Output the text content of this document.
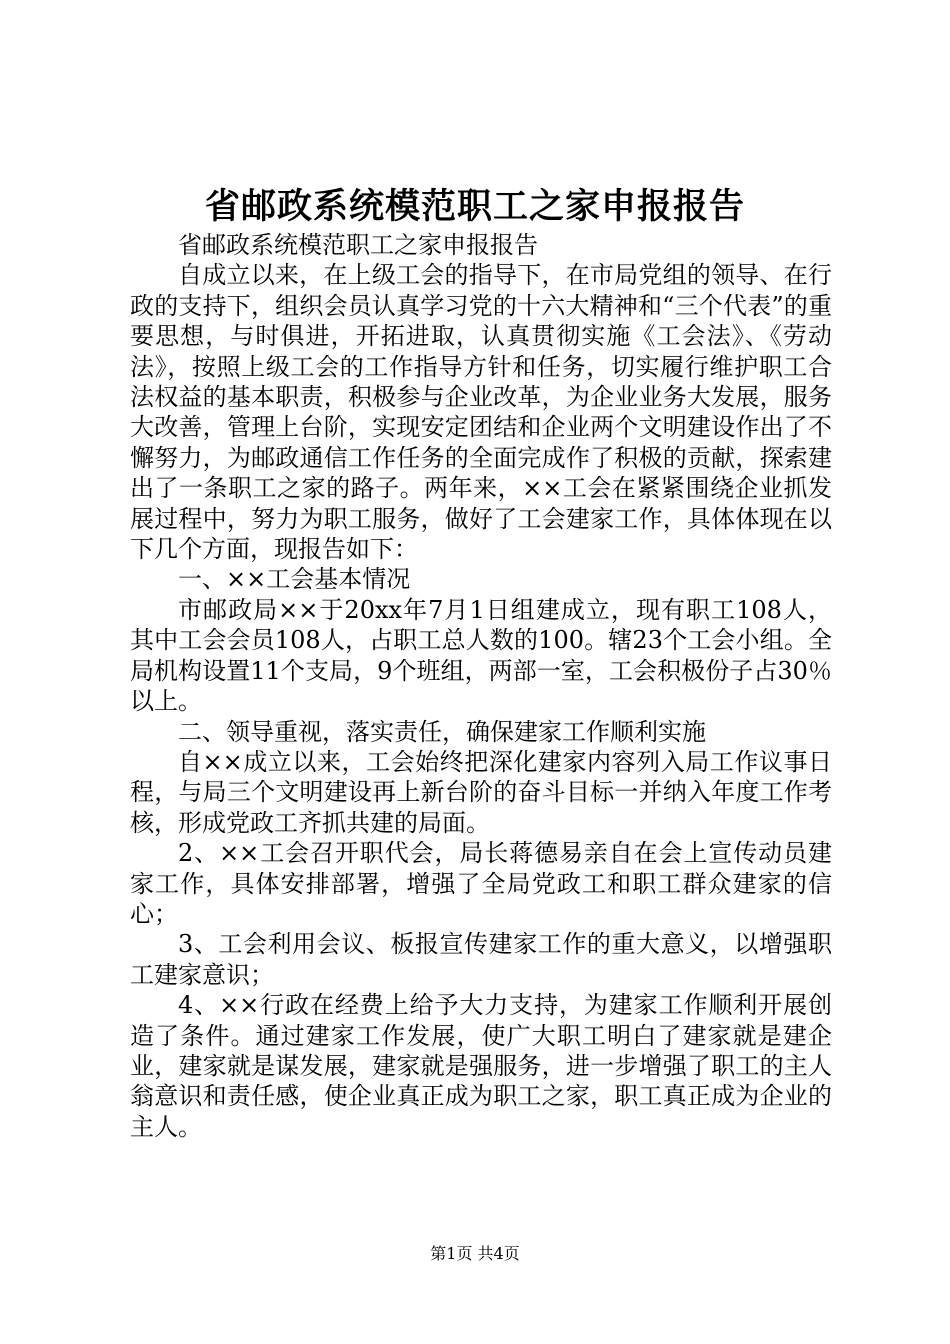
省邮政系统模范职工之家申报报告

省邮政系统模范职工之家申报报告

自成立以来，在上级工会的指导下，在市局党组的领导、在行政的支持下，组织会员认真学习党的十六大精神和“三个代表”的重要思想，与时俱进，开拓进取，认真贯彻实施《工会法》、《劳动法》，按照上级工会的工作指导方针和任务，切实履行维护职工合法权益的基本职责，积极参与企业改革，为企业业务大发展，服务大改善，管理上台阶，实现安定团结和企业两个文明建设作出了不懈努力，为邮政通信工作任务的全面完成作了积极的贡献，探索建出了一条职工之家的路子。两年来，××工会在紧紧围绕企业抓发展过程中，努力为职工服务，做好了工会建家工作，具体体现在以下几个方面，现报告如下：

一、××工会基本情况

市邮政局××于20xx年7月1日组建成立，现有职工108人，其中工会会员108人，占职工总人数的100。辖23个工会小组。全局机构设置11个支局，9个班组，两部一室，工会积极份子占30％以上。

二、领导重视，落实责任，确保建家工作顺利实施

自××成立以来，工会始终把深化建家内容列入局工作议事日程，与局三个文明建设再上新台阶的奋斗目标一并纳入年度工作考核，形成党政工齐抓共建的局面。

2、××工会召开职代会，局长蒋德易亲自在会上宣传动员建家工作，具体安排部署，增强了全局党政工和职工群众建家的信心；

3、工会利用会议、板报宣传建家工作的重大意义，以增强职工建家意识；

4、××行政在经费上给予大力支持，为建家工作顺利开展创造了条件。通过建家工作发展，使广大职工明白了建家就是建企业，建家就是谋发展，建家就是强服务，进一步增强了职工的主人翁意识和责任感，使企业真正成为职工之家，职工真正成为企业的主人。

第1页 共4页
